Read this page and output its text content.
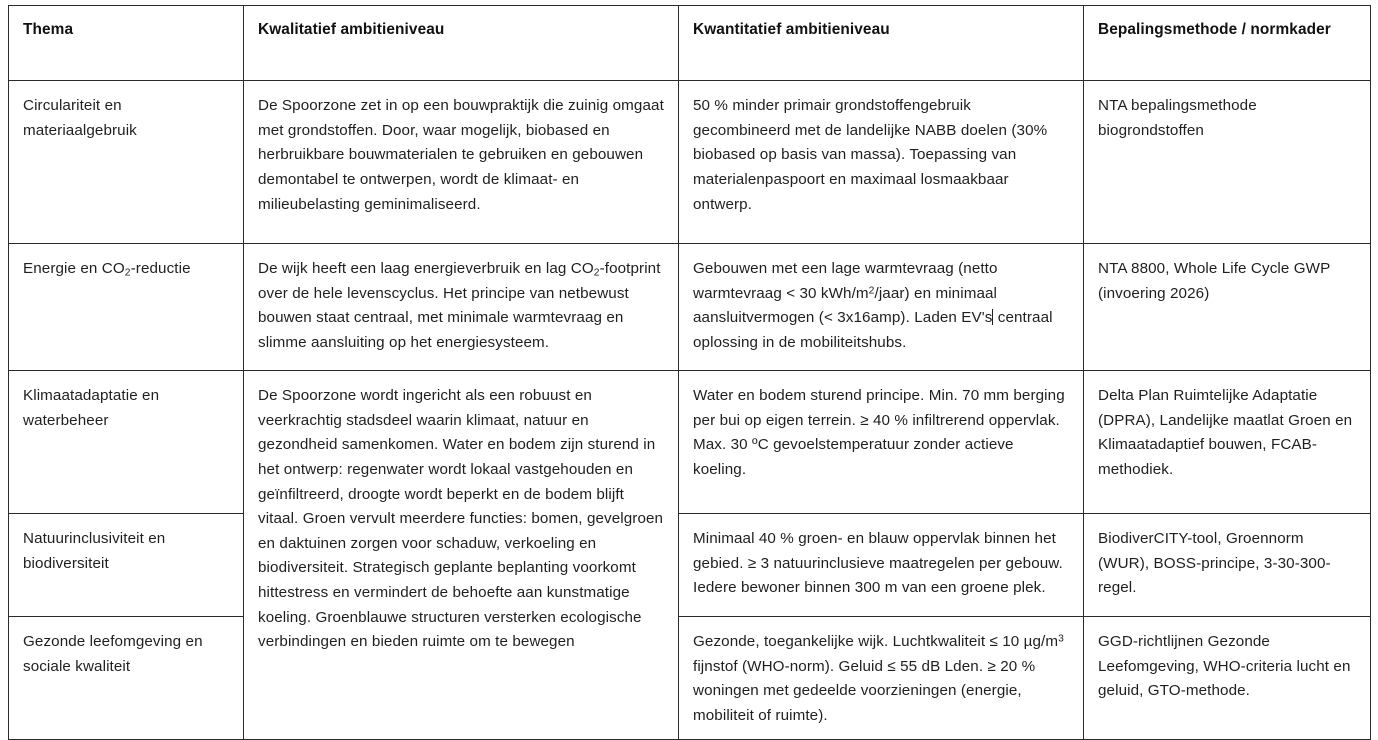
Thema	Kwalitatief ambitieniveau	Kwantitatief ambitieniveau	Bepalingsmethode / normkader
Circulariteit en materiaalgebruik	De Spoorzone zet in op een bouwpraktijk die zuinig omgaat met grondstoffen. Door, waar mogelijk, biobased en herbruikbare bouwmaterialen te gebruiken en gebouwen demontabel te ontwerpen, wordt de klimaat- en milieubelasting geminimaliseerd.	50 % minder primair grondstoffengebruik gecombineerd met de landelijke NABB doelen (30% biobased op basis van massa). Toepassing van materialenpaspoort en maximaal losmaakbaar ontwerp.	NTA bepalingsmethode biogrondstoffen
Energie en $CO_2$-reductie	De wijk heeft een laag energieverbruik en lag $CO_2$-footprint over de hele levenscyclus. Het principe van netbewust bouwen staat centraal, met minimale warmtevraag en slimme aansluiting op het energiesysteem.	Gebouwen met een lage warmtevraag (netto warmtevraag < 30 kWh/$m^2/jaar$) en minimaal aansluitvermogen (< 3x16amp). Laden EV's centraal oplossing in de mobiliteitshubs.	NTA 8800, Whole Life Cycle GWP (invoering 2026)
Klimaatadaptatie en waterbeheer	De Spoorzone wordt ingericht als een robuust en veerkrachtig stadsdeel waarin klimaat, natuur en gezondheid samenkomen. Water en bodem zijn sturend in het ontwerp: regenwater wordt lokaal vastgehouden en geïnfiltreerd, droogte wordt beperkt en de bodem blijft vitaal. Groen vervult meerdere functies: bomen, gevelgroen en daktuinen zorgen voor schaduw, verkoeling en biodiversiteit. Strategisch geplante beplanting voorkomt hittestress en vermindert de behoefte aan kunstmatige koeling. Groenblauwe structuren versterken ecologische verbindingen en bieden ruimte om te bewegen	Water en bodem sturend principe. Min. 70 mm berging per bui op eigen terrein. ≥ 40 % infiltrerend oppervlak. Max. 30 ºC gevoelstemperatuur zonder actieve koeling.	Delta Plan Ruimtelijke Adaptatie (DPRA), Landelijke maatlat Groen en Klimaatadaptief bouwen, FCAB-methodiek.
Natuurinclusiviteit en biodiversiteit		Minimaal 40 % groen- en blauw oppervlak binnen het gebied. ≥ 3 natuurinclusieve maatregelen per gebouw. Iedere bewoner binnen 300 m van een groene plek.	BiodiverCITY-tool, Groennorm (WUR), BOSS-principe, 3-30-300-regel.
Gezonde leefomgeving en sociale kwaliteit		Gezonde, toegankelijke wijk. Luchtkwaliteit ≤ 10 $\mu g/m^3$ fijnstof (WHO-norm). Geluid ≤ 55 dB Lden. ≥ 20 % woningen met gedeelde voorzieningen (energie, mobiliteit of ruimte).	GGD-richtlijnen Gezonde Leefomgeving, WHO-criteria lucht en geluid, GTO-methode.
